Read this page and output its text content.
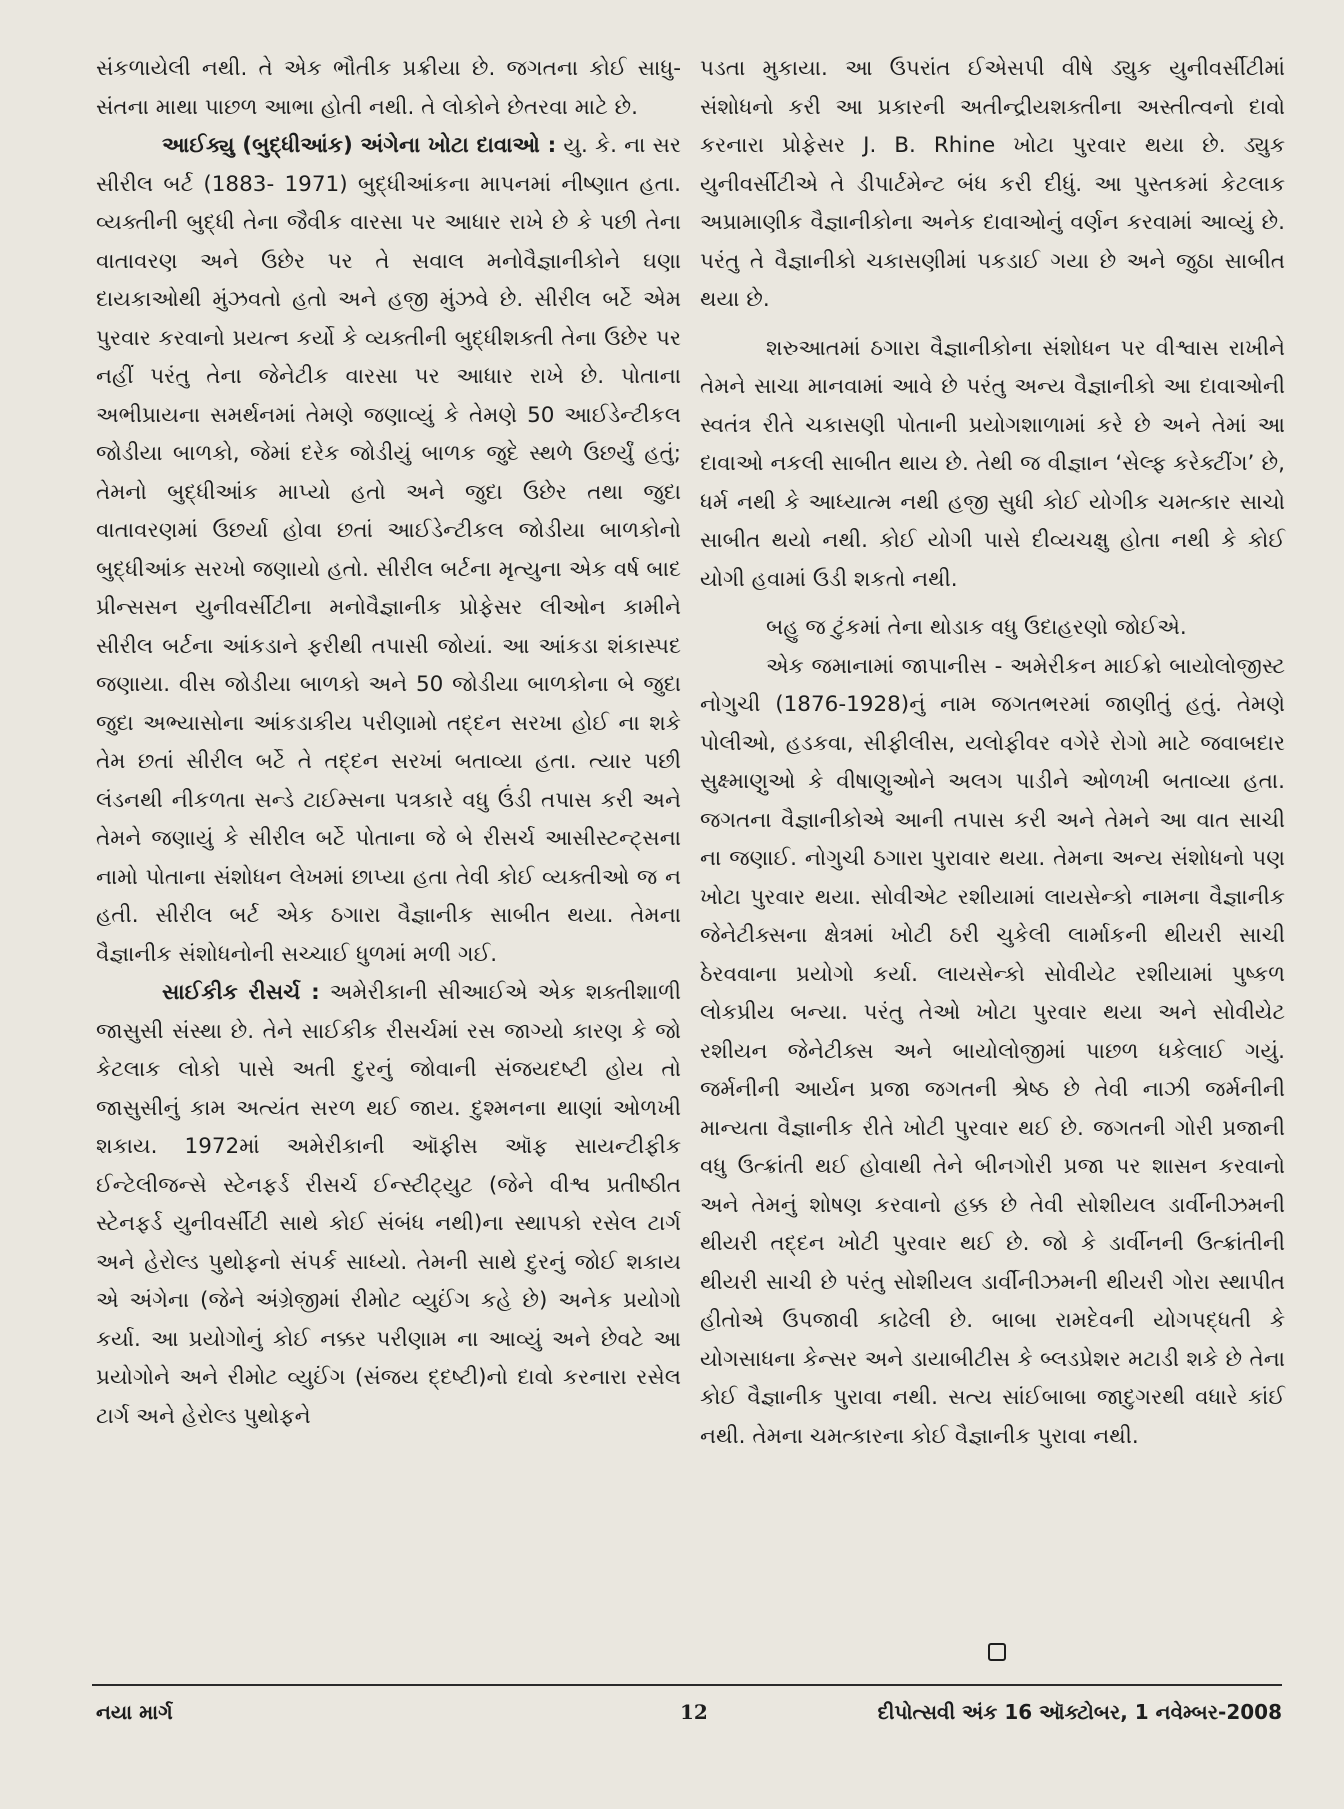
સંકળાયેલી નથી. તે એક ભૌતીક પ્રક્રીયા છે. જગતના કોઈ સાધુ-સંતના માથા પાછળ આભા હોતી નથી. તે લોકોને છેતરવા માટે છે.

આઈક્યુ (બુદ્ધીઆંક) અંગેના ખોટા દાવાઓ : યુ. કે. ના સર સીરીલ બર્ટ (1883- 1971) બુદ્ધીઆંકના માપનમાં નીષ્ણાત હતા. વ્યક્તીની બુદ્ધી તેના જૈવીક વારસા પર આધાર રાખે છે કે પછી તેના વાતાવરણ અને ઉછેર પર તે સવાલ મનોવૈજ્ઞાનીકોને ઘણા દાયકાઓથી મુંઝવતો હતો અને હજી મુંઝવે છે. સીરીલ બર્ટે એમ પુરવાર કરવાનો પ્રયત્ન કર્યો કે વ્યક્તીની બુદ્ધીશક્તી તેના ઉછેર પર નહીં પરંતુ તેના જેનેટીક વારસા પર આધાર રાખે છે. પોતાના અભીપ્રાયના સમર્થનમાં તેમણે જણાવ્યું કે તેમણે 50 આઈડેન્ટીકલ જોડીયા બાળકો, જેમાં દરેક જોડીયું બાળક જુદે સ્થળે ઉછર્યું હતું; તેમનો બુદ્ધીઆંક માપ્યો હતો અને જુદા ઉછેર તથા જુદા વાતાવરણમાં ઉછર્યા હોવા છતાં આઈડેન્ટીકલ જોડીયા બાળકોનો બુદ્ધીઆંક સરખો જણાયો હતો. સીરીલ બર્ટના મૃત્યુના એક વર્ષ બાદ પ્રીન્સસન યુનીવર્સીટીના મનોવૈજ્ઞાનીક પ્રોફેસર લીઓન કામીને સીરીલ બર્ટના આંકડાને ફરીથી તપાસી જોયાં. આ આંકડા શંકાસ્પદ જણાયા. વીસ જોડીયા બાળકો અને 50 જોડીયા બાળકોના બે જુદા જુદા અભ્યાસોના આંકડાકીય પરીણામો તદ્દન સરખા હોઈ ના શકે તેમ છતાં સીરીલ બર્ટે તે તદ્દન સરખાં બતાવ્યા હતા. ત્યાર પછી લંડનથી નીકળતા સન્ડે ટાઈમ્સના પત્રકારે વધુ ઉંડી તપાસ કરી અને તેમને જણાયું કે સીરીલ બર્ટે પોતાના જે બે રીસર્ચ આસીસ્ટન્ટ્સના નામો પોતાના સંશોધન લેખમાં છાપ્યા હતા તેવી કોઈ વ્યક્તીઓ જ ન હતી. સીરીલ બર્ટ એક ઠગારા વૈજ્ઞાનીક સાબીત થયા. તેમના વૈજ્ઞાનીક સંશોધનોની સચ્ચાઈ ધુળમાં મળી ગઈ.

સાઈકીક રીસર્ચ : અમેરીકાની સીઆઈએ એક શક્તીશાળી જાસુસી સંસ્થા છે. તેને સાઈકીક રીસર્ચમાં રસ જાગ્યો કારણ કે જો કેટલાક લોકો પાસે અતી દુરનું જોવાની સંજયદષ્ટી હોય તો જાસુસીનું કામ અત્યંત સરળ થઈ જાય. દુશ્મનના થાણાં ઓળખી શકાય. 1972માં અમેરીકાની ઑફીસ ઑફ સાયન્ટીફીક ઈન્ટેલીજન્સે સ્ટેનફર્ડ રીસર્ચ ઈન્સ્ટીટ્યુટ (જેને વીશ્વ પ્રતીષ્ઠીત સ્ટેનફર્ડ યુનીવર્સીટી સાથે કોઈ સંબંધ નથી)ના સ્થાપકો રસેલ ટાર્ગ અને હેરોલ્ડ પુથોફનો સંપર્ક સાધ્યો. તેમની સાથે દુરનું જોઈ શકાય એ અંગેના (જેને અંગ્રેજીમાં રીમોટ વ્યુઈંગ કહે છે) અનેક પ્રયોગો કર્યા. આ પ્રયોગોનું કોઈ નક્કર પરીણામ ના આવ્યું અને છેવટે આ પ્રયોગોને અને રીમોટ વ્યુઈંગ (સંજય દ્દષ્ટી)નો દાવો કરનારા રસેલ ટાર્ગ અને હેરોલ્ડ પુથોફને

પડતા મુકાયા. આ ઉપરાંત ઈએસપી વીષે ડ્યુક યુનીવર્સીટીમાં સંશોધનો કરી આ પ્રકારની અતીન્દ્રીયશક્તીના અસ્તીત્વનો દાવો કરનારા પ્રોફેસર J. B. Rhine ખોટા પુરવાર થયા છે. ડ્યુક યુનીવર્સીટીએ તે ડીપાર્ટમેન્ટ બંધ કરી દીધું. આ પુસ્તકમાં કેટલાક અપ્રામાણીક વૈજ્ઞાનીકોના અનેક દાવાઓનું વર્ણન કરવામાં આવ્યું છે. પરંતુ તે વૈજ્ઞાનીકો ચકાસણીમાં પકડાઈ ગયા છે અને જુઠા સાબીત થયા છે.

શરુઆતમાં ઠગારા વૈજ્ઞાનીકોના સંશોધન પર વીશ્વાસ રાખીને તેમને સાચા માનવામાં આવે છે પરંતુ અન્ય વૈજ્ઞાનીકો આ દાવાઓની સ્વતંત્ર રીતે ચકાસણી પોતાની પ્રયોગશાળામાં કરે છે અને તેમાં આ દાવાઓ નકલી સાબીત થાય છે. તેથી જ વીજ્ઞાન ‘સેલ્ફ કરેક્ટીંગ’ છે, ધર્મ નથી કે આધ્યાત્મ નથી હજી સુધી કોઈ યોગીક ચમત્કાર સાચો સાબીત થયો નથી. કોઈ યોગી પાસે દીવ્યચક્ષુ હોતા નથી કે કોઈ યોગી હવામાં ઉડી શકતો નથી.

બહુ જ ટુંકમાં તેના થોડાક વધુ ઉદાહરણો જોઈએ.

એક જમાનામાં જાપાનીસ - અમેરીકન માઈક્રો બાયોલોજીસ્ટ નોગુચી (1876-1928)નું નામ જગતભરમાં જાણીતું હતું. તેમણે પોલીઓ, હડકવા, સીફીલીસ, યલોફીવર વગેરે રોગો માટે જવાબદાર સુક્ષ્માણુઓ કે વીષાણુઓને અલગ પાડીને ઓળખી બતાવ્યા હતા. જગતના વૈજ્ઞાનીકોએ આની તપાસ કરી અને તેમને આ વાત સાચી ના જણાઈ. નોગુચી ઠગારા પુરાવાર થયા. તેમના અન્ય સંશોધનો પણ ખોટા પુરવાર થયા. સોવીએટ રશીયામાં લાયસેન્કો નામના વૈજ્ઞાનીક જેનેટીક્સના ક્ષેત્રમાં ખોટી ઠરી ચુકેલી લાર્માકની થીયરી સાચી ઠેરવવાના પ્રયોગો કર્યા. લાયસેન્કો સોવીયેટ રશીયામાં પુષ્કળ લોકપ્રીય બન્યા. પરંતુ તેઓ ખોટા પુરવાર થયા અને સોવીયેટ રશીયન જેનેટીક્સ અને બાયોલોજીમાં પાછળ ધકેલાઈ ગયું. જર્મનીની આર્યન પ્રજા જગતની શ્રેષ્ઠ છે તેવી નાઝી જર્મનીની માન્યતા વૈજ્ઞાનીક રીતે ખોટી પુરવાર થઈ છે. જગતની ગોરી પ્રજાની વધુ ઉત્ક્રાંતી થઈ હોવાથી તેને બીનગોરી પ્રજા પર શાસન કરવાનો અને તેમનું શોષણ કરવાનો હક્ક છે તેવી સોશીયલ ડાર્વીનીઝમની થીયરી તદ્દન ખોટી પુરવાર થઈ છે. જો કે ડાર્વીનની ઉત્ક્રાંતીની થીયરી સાચી છે પરંતુ સોશીયલ ડાર્વીનીઝમની થીયરી ગોરા સ્થાપીત હીતોએ ઉપજાવી કાઢેલી છે. બાબા રામદેવની યોગપદ્ધતી કે યોગસાધના કેન્સર અને ડાયાબીટીસ કે બ્લડપ્રેશર મટાડી શકે છે તેના કોઈ વૈજ્ઞાનીક પુરાવા નથી. સત્ય સાંઈબાબા જાદુગરથી વધારે કાંઈ નથી. તેમના ચમત્કારના કોઈ વૈજ્ઞાનીક પુરાવા નથી.

નયા માર્ગ	12	દીપોત્સવી અંક 16 ઑક્ટોબર, 1 નવેમ્બર-2008
